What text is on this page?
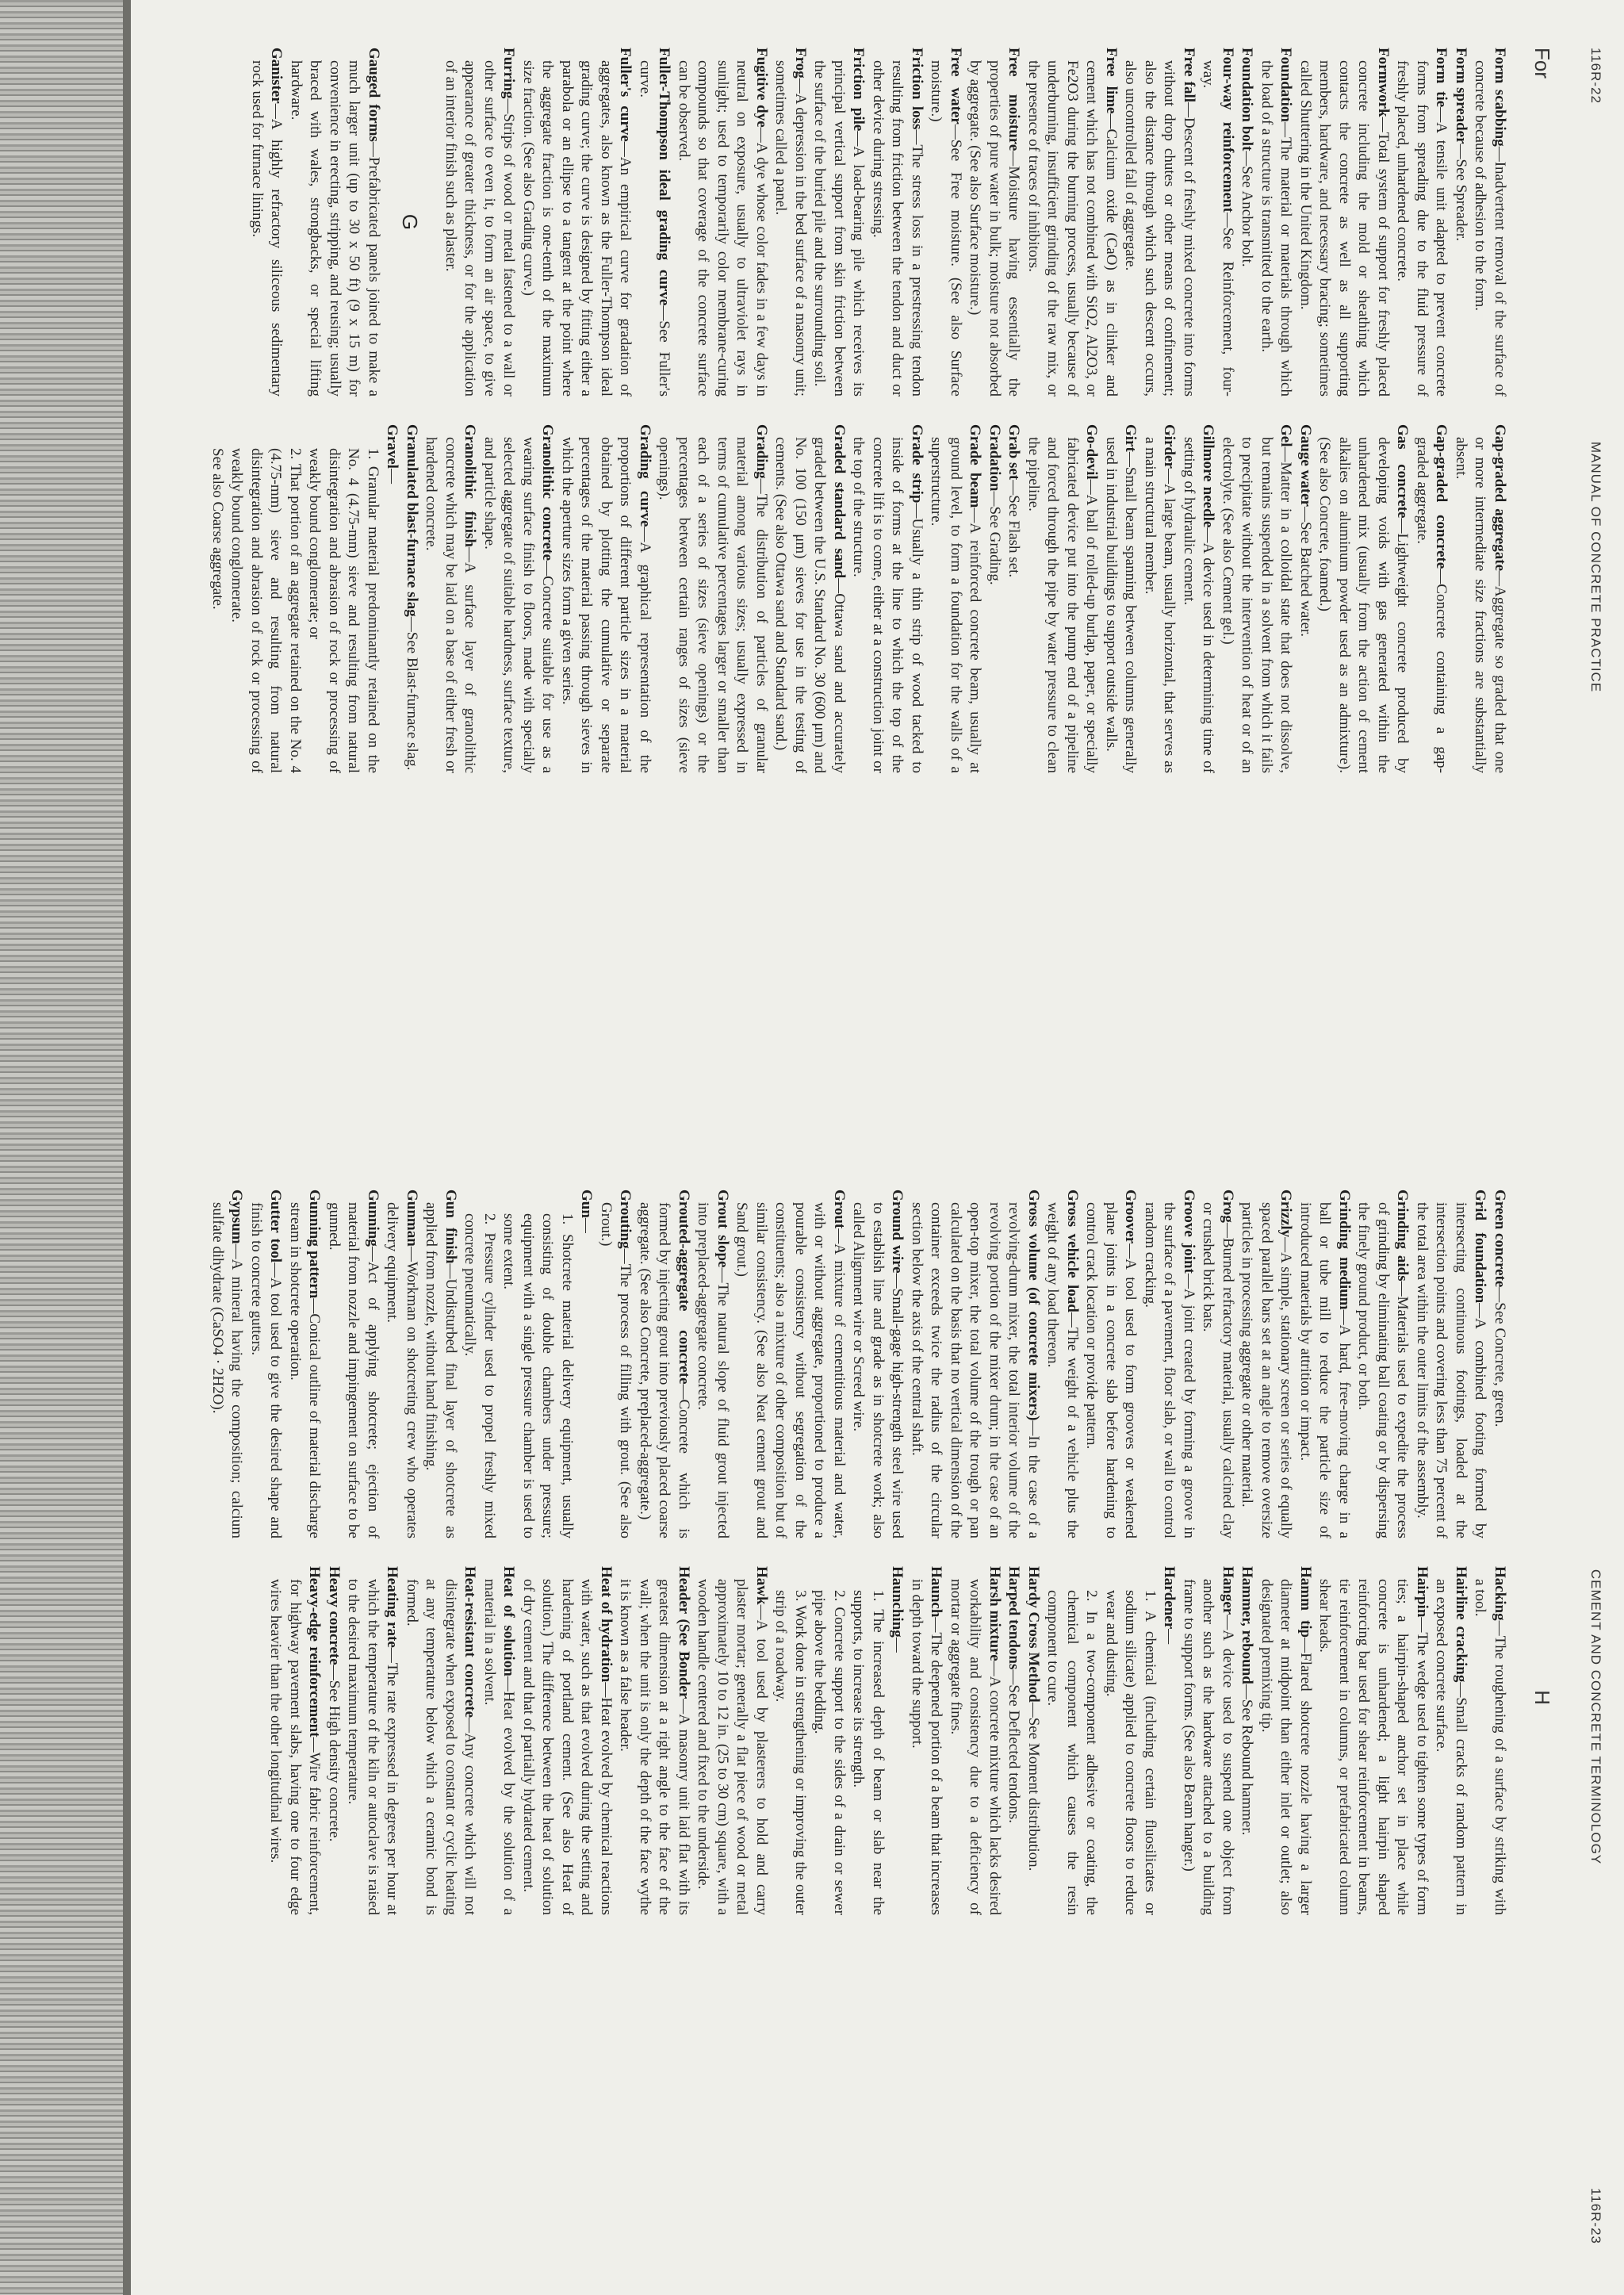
116R-22
MANUAL OF CONCRETE PRACTICE
For

Form scabbing—Inadvertent removal of the surface of concrete because of adhesion to the form.

Form spreader—See Spreader.

Form tie—A tensile unit adapted to prevent concrete forms from spreading due to the fluid pressure of freshly placed, unhardened concrete.

Formwork—Total system of support for freshly placed concrete including the mold or sheathing which contacts the concrete as well as all supporting members, hardware, and necessary bracing; sometimes called Shuttering in the United Kingdom.

Foundation—The material or materials through which the load of a structure is transmitted to the earth.

Foundation bolt—See Anchor bolt.

Four-way reinforcement—See Reinforcement, four-way.

Free fall—Descent of freshly mixed concrete into forms without drop chutes or other means of confinement; also the distance through which such descent occurs, also uncontrolled fall of aggregate.

Free lime—Calcium oxide (CaO) as in clinker and cement which has not combined with SiO2, Al2O3, or Fe2O3 during the burning process, usually because of underburning, insufficient grinding of the raw mix, or the presence of traces of inhibitors.

Free moisture—Moisture having essentially the properties of pure water in bulk; moisture not absorbed by aggregate. (See also Surface moisture.)

Free water—See Free moisture. (See also Surface moisture.)

Friction loss—The stress loss in a prestressing tendon resulting from friction between the tendon and duct or other device during stressing.

Friction pile—A load-bearing pile which receives its principal vertical support from skin friction between the surface of the buried pile and the surrounding soil.

Frog—A depression in the bed surface of a masonry unit; sometimes called a panel.

Fugitive dye—A dye whose color fades in a few days in neutral on exposure, usually to ultraviolet rays in sunlight; used to temporarily color membrane-curing compounds so that coverage of the concrete surface can be observed.

Fuller-Thompson ideal grading curve—See Fuller's curve.

Fuller's curve—An empirical curve for gradation of aggregates, also known as the Fuller-Thompson ideal grading curve; the curve is designed by fitting either a parabola or an ellipse to a tangent at the point where the aggregate fraction is one-tenth of the maximum size fraction. (See also Grading curve.)

Furring—Strips of wood or metal fastened to a wall or other surface to even it, to form an air space, to give appearance of greater thickness, or for the application of an interior finish such as plaster.

G

Gauged forms—Prefabricated panels joined to make a much larger unit (up to 30 x 50 ft) (9 x 15 m) for convenience in erecting, stripping, and reusing; usually braced with wales, strongbacks, or special lifting hardware.

Ganister—A highly refractory siliceous sedimentary rock used for furnace linings.

Gap-graded aggregate—Aggregate so graded that one or more intermediate size fractions are substantially absent.

Gap-graded concrete—Concrete containing a gap-graded aggregate.

Gas concrete—Lightweight concrete produced by developing voids with gas generated within the unhardened mix (usually from the action of cement alkalies on aluminum powder used as an admixture). (See also Concrete, foamed.)

Gauge water—See Batched water.

Gel—Matter in a colloidal state that does not dissolve, but remains suspended in a solvent from which it fails to precipitate without the intervention of heat or of an electrolyte. (See also Cement gel.)

Gillmore needle—A device used in determining time of setting of hydraulic cement.

Girder—A large beam, usually horizontal, that serves as a main structural member.

Girt—Small beam spanning between columns generally used in industrial buildings to support outside walls.

Go-devil—A ball of rolled-up burlap, paper, or specially fabricated device put into the pump end of a pipeline and forced through the pipe by water pressure to clean the pipeline.

Grab set—See Flash set.

Gradation—See Grading.

Grade beam—A reinforced concrete beam, usually at ground level, to form a foundation for the walls of a superstructure.

Grade strip—Usually a thin strip of wood tacked to inside of forms at the line to which the top of the concrete lift is to come, either at a construction joint or the top of the structure.

Graded standard sand—Ottawa sand and accurately graded between the U.S. Standard No. 30 (600 μm) and No. 100 (150 μm) sieves for use in the testing of cements. (See also Ottawa sand and Standard sand.)

Grading—The distribution of particles of granular material among various sizes; usually expressed in terms of cumulative percentages larger or smaller than each of a series of sizes (sieve openings) or the percentages between certain ranges of sizes (sieve openings).

Grading curve—A graphical representation of the proportions of different particle sizes in a material obtained by plotting the cumulative or separate percentages of the material passing through sieves in which the aperture sizes form a given series.

Granolithic concrete—Concrete suitable for use as a wearing surface finish to floors, made with specially selected aggregate of suitable hardness, surface texture, and particle shape.

Granolithic finish—A surface layer of granolithic concrete which may be laid on a base of either fresh or hardened concrete.

Granulated blast-furnace slag—See Blast-furnace slag.

Gravel—
1. Granular material predominantly retained on the No. 4 (4.75-mm) sieve and resulting from natural disintegration and abrasion of rock or processing of weakly bound conglomerate; or
2. That portion of an aggregate retained on the No. 4 (4.75-mm) sieve and resulting from natural disintegration and abrasion of rock or processing of weakly bound conglomerate.
See also Coarse aggregate.

CEMENT AND CONCRETE TERMINOLOGY
116R-23
H

Green concrete—See Concrete, green.

Grid foundation—A combined footing formed by intersecting continuous footings, loaded at the intersection points and covering less than 75 percent of the total area within the outer limits of the assembly.

Grinding aids—Materials used to expedite the process of grinding by eliminating ball coating or by dispersing the finely ground product, or both.

Grinding medium—A hard, free-moving charge in a ball or tube mill to reduce the particle size of introduced materials by attrition or impact.

Grizzly—A simple, stationary screen or series of equally spaced parallel bars set at an angle to remove oversize particles in processing aggregate or other material.

Grog—Burned refractory material, usually calcined clay or crushed brick bats.

Groove joint—A joint created by forming a groove in the surface of a pavement, floor slab, or wall to control random cracking.

Groover—A tool used to form grooves or weakened plane joints in a concrete slab before hardening to control crack location or provide pattern.

Gross vehicle load—The weight of a vehicle plus the weight of any load thereon.

Gross volume (of concrete mixers)—In the case of a revolving-drum mixer, the total interior volume of the revolving portion of the mixer drum; in the case of an open-top mixer, the total volume of the trough or pan calculated on the basis that no vertical dimension of the container exceeds twice the radius of the circular section below the axis of the central shaft.

Ground wire—Small-gage high-strength steel wire used to establish line and grade as in shotcrete work; also called Alignment wire or Screed wire.

Grout—A mixture of cementitious material and water, with or without aggregate, proportioned to produce a pourable consistency without segregation of the constituents; also a mixture of other composition but of similar consistency. (See also Neat cement grout and Sand grout.)

Grout slope—The natural slope of fluid grout injected into preplaced-aggregate concrete.

Grouted-aggregate concrete—Concrete which is formed by injecting grout into previously placed coarse aggregate. (See also Concrete, preplaced-aggregate.)

Grouting—The process of filling with grout. (See also Grout.)

Gun—
1. Shotcrete material delivery equipment, usually consisting of double chambers under pressure; equipment with a single pressure chamber is used to some extent.
2. Pressure cylinder used to propel freshly mixed concrete pneumatically.

Gun finish—Undisturbed final layer of shotcrete as applied from nozzle, without hand finishing.

Gunman—Workman on shotcreting crew who operates delivery equipment.

Gunning—Act of applying shotcrete; ejection of material from nozzle and impingement on surface to be gunned.

Gunning pattern—Conical outline of material discharge stream in shotcrete operation.

Gutter tool—A tool used to give the desired shape and finish to concrete gutters.

Gypsum—A mineral having the composition; calcium sulfate dihydrate (CaSO4 · 2H2O).

Hacking—The roughening of a surface by striking with a tool.

Hairline cracking—Small cracks of random pattern in an exposed concrete surface.

Hairpin—The wedge used to tighten some types of form ties; a hairpin-shaped anchor set in place while concrete is unhardened; a light hairpin shaped reinforcing bar used for shear reinforcement in beams, tie reinforcement in columns, or prefabricated column shear heads.

Hamm tip—Flared shotcrete nozzle having a larger diameter at midpoint than either inlet or outlet; also designated premixing tip.

Hammer, rebound—See Rebound hammer.

Hanger—A device used to suspend one object from another such as the hardware attached to a building frame to support forms. (See also Beam hanger.)

Hardener—
1. A chemical (including certain fluosilicates or sodium silicate) applied to concrete floors to reduce wear and dusting.
2. In a two-component adhesive or coating, the chemical component which causes the resin component to cure.

Hardy Cross Method—See Moment distribution.

Harped tendons—See Deflected tendons.

Harsh mixture—A concrete mixture which lacks desired workability and consistency due to a deficiency of mortar or aggregate fines.

Haunch—The deepened portion of a beam that increases in depth toward the support.

Haunching—
1. The increased depth of beam or slab near the supports, to increase its strength.
2. Concrete support to the sides of a drain or sewer pipe above the bedding.
3. Work done in strengthening or improving the outer strip of a roadway.

Hawk—A tool used by plasterers to hold and carry plaster mortar; generally a flat piece of wood or metal approximately 10 to 12 in. (25 to 30 cm) square, with a wooden handle centered and fixed to the underside.

Header (See Bonder—A masonry unit laid flat with its greatest dimension at a right angle to the face of the wall; when the unit is only the depth of the face wythe it is known as a false header.

Heat of hydration—Heat evolved by chemical reactions with water, such as that evolved during the setting and hardening of portland cement. (See also Heat of solution.) The difference between the heat of solution of dry cement and that of partially hydrated cement.

Heat of solution—Heat evolved by the solution of a material in a solvent.

Heat-resistant concrete—Any concrete which will not disintegrate when exposed to constant or cyclic heating at any temperature below which a ceramic bond is formed.

Heating rate—The rate expressed in degrees per hour at which the temperature of the kiln or autoclave is raised to the desired maximum temperature.

Heavy concrete—See High density concrete.

Heavy-edge reinforcement—Wire fabric reinforcement, for highway pavement slabs, having one to four edge wires heavier than the other longitudinal wires.
